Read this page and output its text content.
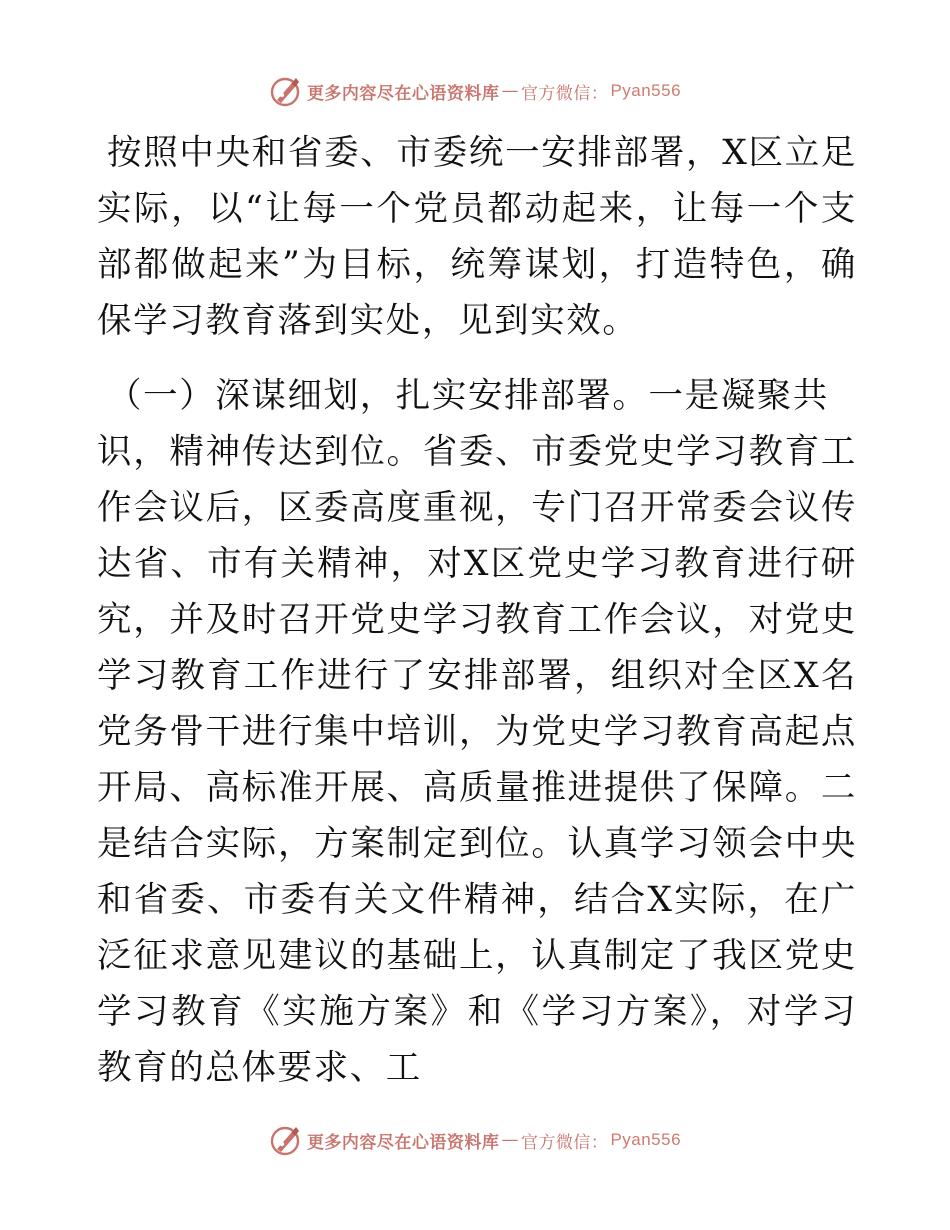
更多内容尽在心语资料库 — 官方微信： Pyan556

按照中央和省委、市委统一安排部署，X区立足实际，以“让每一个党员都动起来，让每一个支部都做起来”为目标，统筹谋划，打造特色，确保学习教育落到实处，见到实效。

（一）深谋细划，扎实安排部署。一是凝聚共
识，精神传达到位。省委、市委党史学习教育工作会议后，区委高度重视，专门召开常委会议传达省、市有关精神，对X区党史学习教育进行研究，并及时召开党史学习教育工作会议，对党史学习教育工作进行了安排部署，组织对全区X名党务骨干进行集中培训，为党史学习教育高起点开局、高标准开展、高质量推进提供了保障。二是结合实际，方案制定到位。认真学习领会中央和省委、市委有关文件精神，结合X实际，在广泛征求意见建议的基础上，认真制定了我区党史学习教育《实施方案》和《学习方案》，对学习教育的总体要求、工
更多内容尽在心语资料库 — 官方微信： Pyan556
